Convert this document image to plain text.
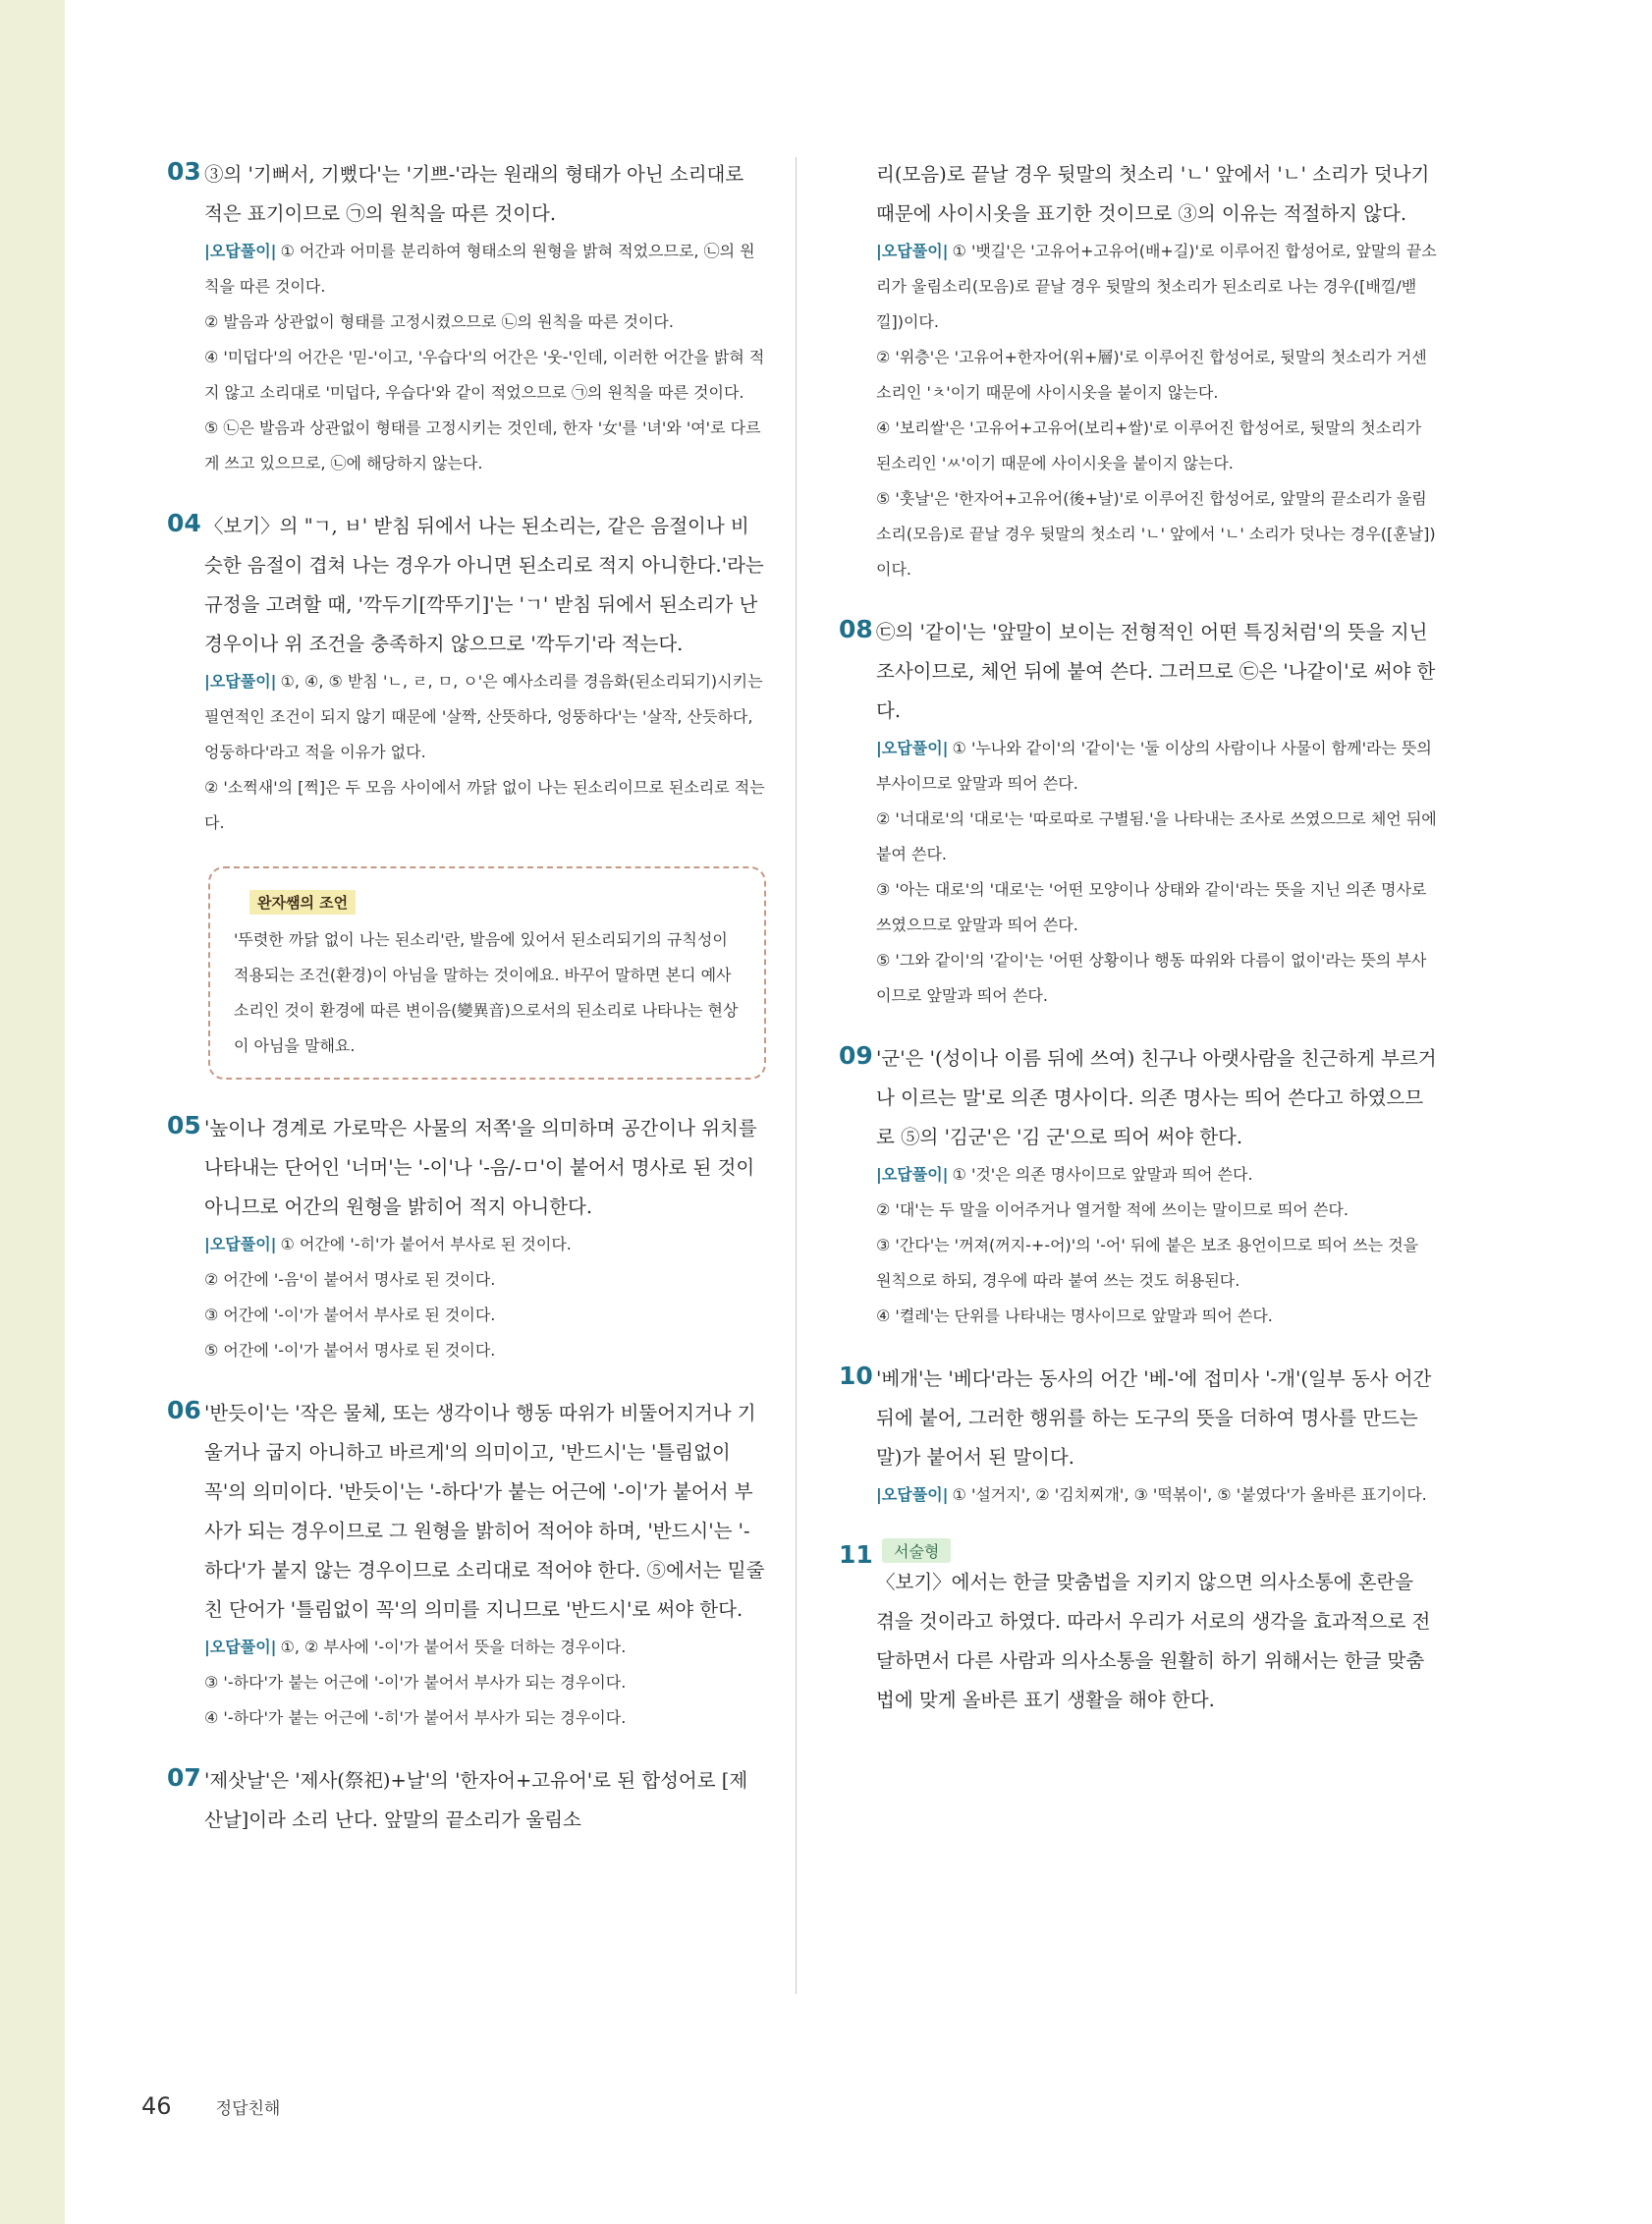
03 ③의 '기뻐서, 기뻤다'는 '기쁘-'라는 원래의 형태가 아닌 소리대로 적은 표기이므로 ㉠의 원칙을 따른 것이다.

|오답풀이| ① 어간과 어미를 분리하여 형태소의 원형을 밝혀 적었으므로, ㉡의 원칙을 따른 것이다.

② 발음과 상관없이 형태를 고정시켰으므로 ㉡의 원칙을 따른 것이다.

④ '미덥다'의 어간은 '믿-'이고, '우습다'의 어간은 '웃-'인데, 이러한 어간을 밝혀 적지 않고 소리대로 '미덥다, 우습다'와 같이 적었으므로 ㉠의 원칙을 따른 것이다.

⑤ ㉡은 발음과 상관없이 형태를 고정시키는 것인데, 한자 '女'를 '녀'와 '여'로 다르게 쓰고 있으므로, ㉡에 해당하지 않는다.

04 〈보기〉의 "ㄱ, ㅂ' 받침 뒤에서 나는 된소리는, 같은 음절이나 비슷한 음절이 겹쳐 나는 경우가 아니면 된소리로 적지 아니한다.'라는 규정을 고려할 때, '깍두기[깍뚜기]'는 'ㄱ' 받침 뒤에서 된소리가 난 경우이나 위 조건을 충족하지 않으므로 '깍두기'라 적는다.

|오답풀이| ①, ④, ⑤ 받침 'ㄴ, ㄹ, ㅁ, ㅇ'은 예사소리를 경음화(된소리되기)시키는 필연적인 조건이 되지 않기 때문에 '살짝, 산뜻하다, 엉뚱하다'는 '살작, 산듯하다, 엉둥하다'라고 적을 이유가 없다.

② '소쩍새'의 [쩍]은 두 모음 사이에서 까닭 없이 나는 된소리이므로 된소리로 적는다.

완자쌤의 조언

'뚜렷한 까닭 없이 나는 된소리'란, 발음에 있어서 된소리되기의 규칙성이 적용되는 조건(환경)이 아님을 말하는 것이에요. 바꾸어 말하면 본디 예사소리인 것이 환경에 따른 변이음(變異音)으로서의 된소리로 나타나는 현상이 아님을 말해요.

05 '높이나 경계로 가로막은 사물의 저쪽'을 의미하며 공간이나 위치를 나타내는 단어인 '너머'는 '-이'나 '-음/-ㅁ'이 붙어서 명사로 된 것이 아니므로 어간의 원형을 밝히어 적지 아니한다.

|오답풀이| ① 어간에 '-히'가 붙어서 부사로 된 것이다.

② 어간에 '-음'이 붙어서 명사로 된 것이다.

③ 어간에 '-이'가 붙어서 부사로 된 것이다.

⑤ 어간에 '-이'가 붙어서 명사로 된 것이다.

06 '반듯이'는 '작은 물체, 또는 생각이나 행동 따위가 비뚤어지거나 기울거나 굽지 아니하고 바르게'의 의미이고, '반드시'는 '틀림없이 꼭'의 의미이다. '반듯이'는 '-하다'가 붙는 어근에 '-이'가 붙어서 부사가 되는 경우이므로 그 원형을 밝히어 적어야 하며, '반드시'는 '-하다'가 붙지 않는 경우이므로 소리대로 적어야 한다. ⑤에서는 밑줄 친 단어가 '틀림없이 꼭'의 의미를 지니므로 '반드시'로 써야 한다.

|오답풀이| ①, ② 부사에 '-이'가 붙어서 뜻을 더하는 경우이다.

③ '-하다'가 붙는 어근에 '-이'가 붙어서 부사가 되는 경우이다.

④ '-하다'가 붙는 어근에 '-히'가 붙어서 부사가 되는 경우이다.

07 '제삿날'은 '제사(祭祀)+날'의 '한자어+고유어'로 된 합성어로 [제산날]이라 소리 난다. 앞말의 끝소리가 울림소

리(모음)로 끝날 경우 뒷말의 첫소리 'ㄴ' 앞에서 'ㄴ' 소리가 덧나기 때문에 사이시옷을 표기한 것이므로 ③의 이유는 적절하지 않다.

|오답풀이| ① '뱃길'은 '고유어+고유어(배+길)'로 이루어진 합성어로, 앞말의 끝소리가 울림소리(모음)로 끝날 경우 뒷말의 첫소리가 된소리로 나는 경우([배낄/밷낄])이다.

② '위층'은 '고유어+한자어(위+層)'로 이루어진 합성어로, 뒷말의 첫소리가 거센소리인 'ㅊ'이기 때문에 사이시옷을 붙이지 않는다.

④ '보리쌀'은 '고유어+고유어(보리+쌀)'로 이루어진 합성어로, 뒷말의 첫소리가 된소리인 'ㅆ'이기 때문에 사이시옷을 붙이지 않는다.

⑤ '훗날'은 '한자어+고유어(後+날)'로 이루어진 합성어로, 앞말의 끝소리가 울림소리(모음)로 끝날 경우 뒷말의 첫소리 'ㄴ' 앞에서 'ㄴ' 소리가 덧나는 경우([훈날])이다.

08 ㉢의 '같이'는 '앞말이 보이는 전형적인 어떤 특징처럼'의 뜻을 지닌 조사이므로, 체언 뒤에 붙여 쓴다. 그러므로 ㉢은 '나같이'로 써야 한다.

|오답풀이| ① '누나와 같이'의 '같이'는 '둘 이상의 사람이나 사물이 함께'라는 뜻의 부사이므로 앞말과 띄어 쓴다.

② '너대로'의 '대로'는 '따로따로 구별됨.'을 나타내는 조사로 쓰였으므로 체언 뒤에 붙여 쓴다.

③ '아는 대로'의 '대로'는 '어떤 모양이나 상태와 같이'라는 뜻을 지닌 의존 명사로 쓰였으므로 앞말과 띄어 쓴다.

⑤ '그와 같이'의 '같이'는 '어떤 상황이나 행동 따위와 다름이 없이'라는 뜻의 부사이므로 앞말과 띄어 쓴다.

09 '군'은 '(성이나 이름 뒤에 쓰여) 친구나 아랫사람을 친근하게 부르거나 이르는 말'로 의존 명사이다. 의존 명사는 띄어 쓴다고 하였으므로 ⑤의 '김군'은 '김 군'으로 띄어 써야 한다.

|오답풀이| ① '것'은 의존 명사이므로 앞말과 띄어 쓴다.

② '대'는 두 말을 이어주거나 열거할 적에 쓰이는 말이므로 띄어 쓴다.

③ '간다'는 '꺼져(꺼지-+-어)'의 '-어' 뒤에 붙은 보조 용언이므로 띄어 쓰는 것을 원칙으로 하되, 경우에 따라 붙여 쓰는 것도 허용된다.

④ '켤레'는 단위를 나타내는 명사이므로 앞말과 띄어 쓴다.

10 '베개'는 '베다'라는 동사의 어간 '베-'에 접미사 '-개'(일부 동사 어간 뒤에 붙어, 그러한 행위를 하는 도구의 뜻을 더하여 명사를 만드는 말)가 붙어서 된 말이다.

|오답풀이| ① '설거지', ② '김치찌개', ③ '떡볶이', ⑤ '붙였다'가 올바른 표기이다.

11 서술형

〈보기〉에서는 한글 맞춤법을 지키지 않으면 의사소통에 혼란을 겪을 것이라고 하였다. 따라서 우리가 서로의 생각을 효과적으로 전달하면서 다른 사람과 의사소통을 원활히 하기 위해서는 한글 맞춤법에 맞게 올바른 표기 생활을 해야 한다.

46	정답친해
